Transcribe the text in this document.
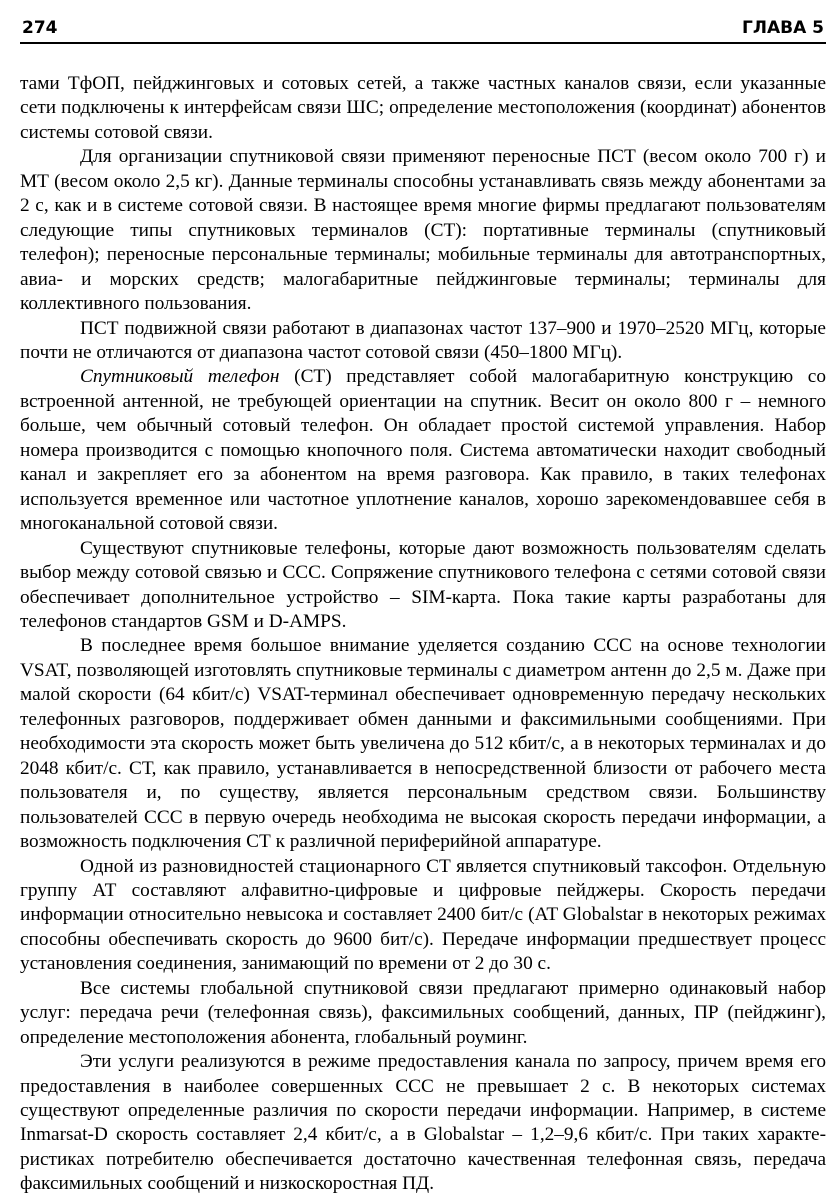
274	ГЛАВА 5

тами ТфОП, пейджинговых и сотовых сетей, а также частных каналов связи, если указанные сети подключены к интерфейсам связи ШС; определение местоположения (координат) абонентов системы сотовой связи.

Для организации спутниковой связи применяют переносные ПСТ (весом около 700 г) и МТ (весом около 2,5 кг). Данные терминалы способны устанавливать связь между абонентами за 2 с, как и в системе сотовой связи. В настоящее время многие фирмы предлагают пользователям следующие типы спутниковых терминалов (СТ): портативные терминалы (спутниковый телефон); переносные персональные терминалы; мобильные терминалы для автотранспортных, авиа- и морских средств; малогабаритные пейджинговые терминалы; терминалы для коллективного пользования.

ПСТ подвижной связи работают в диапазонах частот 137–900 и 1970–2520 МГц, которые почти не отличаются от диапазона частот сотовой связи (450–1800 МГц).

Спутниковый телефон (СТ) представляет собой малогабаритную конструкцию со встроенной антенной, не требующей ориентации на спутник. Весит он около 800 г – немного больше, чем обычный сотовый телефон. Он обладает простой системой управления. Набор номера производится с помощью кнопочного поля. Система автоматически находит свободный канал и закрепляет его за абонентом на время разговора. Как правило, в таких телефонах используется временное или частотное уплотнение каналов, хорошо зарекомендовавшее себя в многоканальной сотовой связи.

Существуют спутниковые телефоны, которые дают возможность пользователям сделать выбор между сотовой связью и ССС. Сопряжение спутникового телефона с сетями сотовой связи обеспечивает дополнительное устройство – SIM-карта. Пока такие карты разработаны для телефонов стандартов GSM и D-AMPS.

В последнее время большое внимание уделяется созданию ССС на основе технологии VSAT, позволяющей изготовлять спутниковые терминалы с диаметром антенн до 2,5 м. Даже при малой скорости (64 кбит/с) VSAT-терминал обеспечивает одновременную передачу нескольких телефонных разговоров, поддерживает обмен данными и факсимильными сообщениями. При необходимости эта скорость может быть увеличена до 512 кбит/с, а в некоторых терминалах и до 2048 кбит/с. СТ, как правило, устанавливается в непосредственной близости от рабочего места пользователя и, по существу, является персональным средством связи. Большинству пользователей ССС в первую очередь необходима не высокая скорость передачи информации, а возможность подключения СТ к различной периферийной аппаратуре.

Одной из разновидностей стационарного СТ является спутниковый таксофон. Отдельную группу АТ составляют алфавитно-цифровые и цифровые пейджеры. Скорость передачи информации относительно невысока и составляет 2400 бит/с (AT Globalstar в некоторых режимах способны обеспечивать скорость до 9600 бит/с). Передаче информации предшествует процесс установления соединения, занимающий по времени от 2 до 30 с.

Все системы глобальной спутниковой связи предлагают примерно одинаковый набор услуг: передача речи (телефонная связь), факсимильных сообщений, данных, ПР (пейджинг), определение местоположения абонента, глобальный роуминг.

Эти услуги реализуются в режиме предоставления канала по запросу, причем время его предоставления в наиболее совершенных ССС не превышает 2 с. В некоторых системах существуют определенные различия по скорости передачи информации. Например, в системе Inmarsat-D скорость составляет 2,4 кбит/с, а в Globalstar – 1,2–9,6 кбит/с. При таких характеристиках потребителю обеспечивается достаточно качественная телефонная связь, передача факсимильных сообщений и низкоскоростная ПД.
